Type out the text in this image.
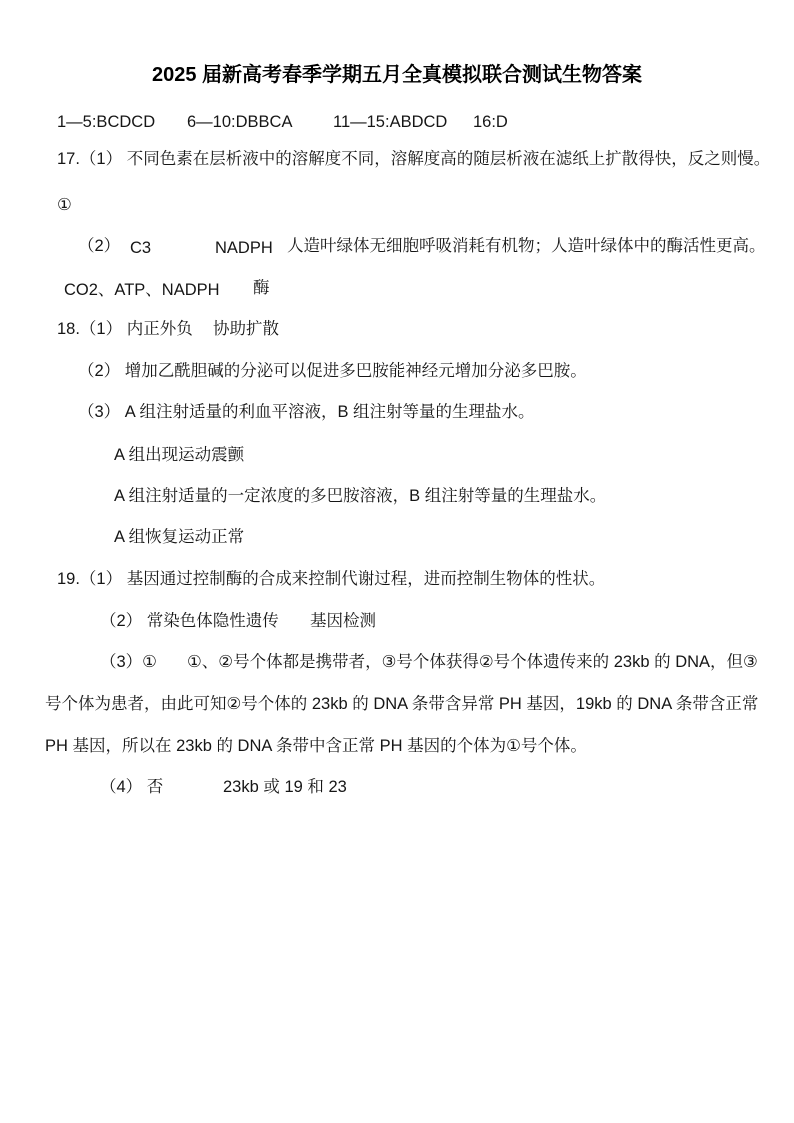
2025 届新高考春季学期五月全真模拟联合测试生物答案
1—5:BCDCD 6—10:DBBCA 11—15:ABDCD 16:D
17.（1） 不同色素在层析液中的溶解度不同，溶解度高的随层析液在滤纸上扩散得快，反之则慢。
①
（2） C3	NADPH 人造叶绿体无细胞呼吸消耗有机物；人造叶绿体中的酶活性更高。
CO2、ATP、NADPH 酶
18.（1） 内正外负 协助扩散
（2） 增加乙酰胆碱的分泌可以促进多巴胺能神经元增加分泌多巴胺。
（3） A 组注射适量的利血平溶液，B 组注射等量的生理盐水。
A 组出现运动震颤
A 组注射适量的一定浓度的多巴胺溶液，B 组注射等量的生理盐水。
A 组恢复运动正常
19.（1） 基因通过控制酶的合成来控制代谢过程，进而控制生物体的性状。
（2） 常染色体隐性遗传 基因检测
（3）① ①、②号个体都是携带者，③号个体获得②号个体遗传来的 23kb 的 DNA，但③
号个体为患者，由此可知②号个体的 23kb 的 DNA 条带含异常 PH 基因，19kb 的 DNA 条带含正常
PH 基因，所以在 23kb 的 DNA 条带中含正常 PH 基因的个体为①号个体。
（4） 否	23kb 或 19 和 23
